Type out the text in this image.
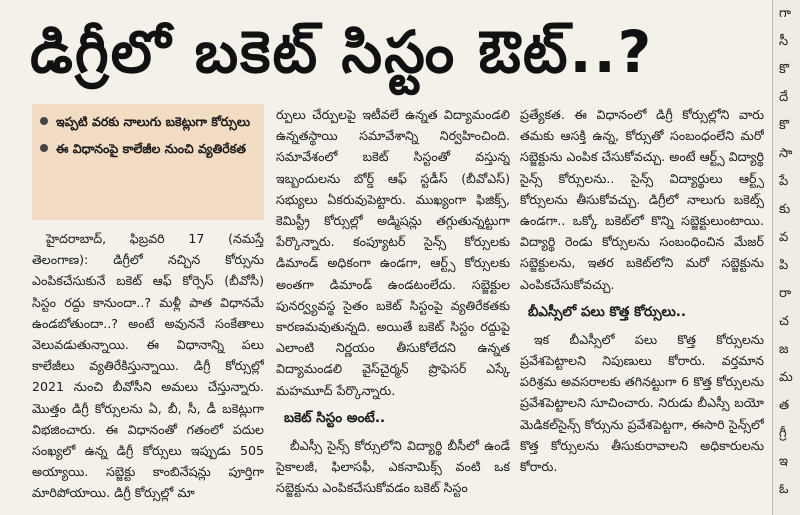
డిగ్రీలో బకెట్ సిస్టం ఔట్..?
గా
సీ
కొ
దే
కొ
సా
పే
కు
వ
పి
రా
చ
జ
మ
త
గ్రీ
ఇ
ఓ
ఇప్పటి వరకు నాలుగు బకెట్లుగా కోర్సులు
ఈ విధానంపై కాలేజీల నుంచి వ్యతిరేకత

హైదరాబాద్, ఫిబ్రవరి 17 (నమస్తే తెలంగాణ): డిగ్రీలో నచ్చిన కోర్సును ఎంపికచేసుకునే బకెట్ ఆఫ్ కోర్సెస్ (బీవోసీ) సిస్టం రద్దు కానుందా..? మళ్లీ పాత విధానమే ఉండబోతుందా..? అంటే అవుననే సంకేతాలు వెలువడుతున్నాయి. ఈ విధానాన్ని పలు కాలేజీలు వ్యతిరేకిస్తున్నాయి. డిగ్రీ కోర్సుల్లో 2021 నుంచి బీవోసీని అమలు చేస్తున్నారు. మొత్తం డిగ్రీ కోర్సులను ఏ, బీ, సీ, డీ బకెట్లుగా విభజించారు. ఈ విధానంతో గతంలో పదుల సంఖ్యలో ఉన్న డిగ్రీ కోర్సులు ఇప్పుడు 505 అయ్యాయి. సబ్జెక్టు కాంబినేషన్లు పూర్తిగా మారిపోయాయి. డిగ్రీ కోర్సుల్లో మా

ర్పులు చేర్పులపై ఇటీవలే ఉన్నత విద్యామండలి ఉన్నతస్థాయి సమావేశాన్ని నిర్వహించింది. సమావేశంలో బకెట్ సిస్టంతో వస్తున్న ఇబ్బందులను బోర్డ్ ఆఫ్ స్టడీస్ (బీవోఎస్) సభ్యులు ఏకరువుపెట్టారు. ముఖ్యంగా ఫిజిక్స్, కెమిస్ట్రీ కోర్సుల్లో అడ్మిషన్లు తగ్గుతున్నట్టుగా పేర్కొన్నారు. కంప్యూటర్ సైన్స్ కోర్సులకు డిమాండ్ అధికంగా ఉండగా, ఆర్ట్స్ కోర్సులకు అంతగా డిమాండ్ ఉండటంలేదు. సబ్జెక్టుల పునర్వ్యవస్థ సైతం బకెట్ సిస్టంపై వ్యతిరేకతకు కారణమవుతున్నది. అయితే బకెట్ సిస్టం రద్దుపై ఎలాంటి నిర్ణయం తీసుకోలేదని ఉన్నత విద్యామండలి వైస్‌చైర్మన్ ప్రొఫెసర్ ఎస్కే మహమూద్ పేర్కొన్నారు.

బకెట్ సిస్టం అంటే..

బీఎస్సీ సైన్స్ కోర్సులోని విద్యార్థి బీసీలో ఉండే సైకాలజీ, ఫిలాసఫీ, ఎకనామిక్స్ వంటి ఒక సబ్జెక్టును ఎంపికచేసుకోవడం బకెట్ సిస్టం

ప్రత్యేకత. ఈ విధానంలో డిగ్రీ కోర్సుల్లోని వారు తమకు ఆసక్తి ఉన్న, కోర్సుతో సంబంధంలేని మరో సబ్జెక్టును ఎంపిక చేసుకోవచ్చు. అంటే ఆర్ట్స్ విద్యార్థి సైన్స్ కోర్సులను.. సైన్స్ విద్యార్థులు ఆర్ట్స్ కోర్సులను తీసుకోవచ్చు. డిగ్రీలో నాలుగు బకెట్స్ ఉండగా.. ఒక్కో బకెట్‌లో కొన్ని సబ్జెక్టులుంటాయి. విద్యార్థి రెండు కోర్సులను సంబంధించిన మేజర్ సబ్జెక్టులను, ఇతర బకెట్‌లోని మరో సబ్జెక్టును ఎంపికచేసుకోవచ్చు.

బీఎస్సీలో పలు కొత్త కోర్సులు..

ఇక బీఎస్సీలో పలు కొత్త కోర్సులను ప్రవేశపెట్టాలని నిపుణులు కోరారు. వర్తమాన పరిశ్రమ అవసరాలకు తగినట్టుగా 6 కొత్త కోర్సులను ప్రవేశపెట్టాలని సూచించారు. నిరుడు బీఎస్సీ బయో మెడికల్‌సైన్స్ కోర్సును ప్రవేశపెట్టగా, ఈసారి సైన్స్‌లో కొత్త కోర్సులను తీసుకురావాలని అధికారులను కోరారు.
